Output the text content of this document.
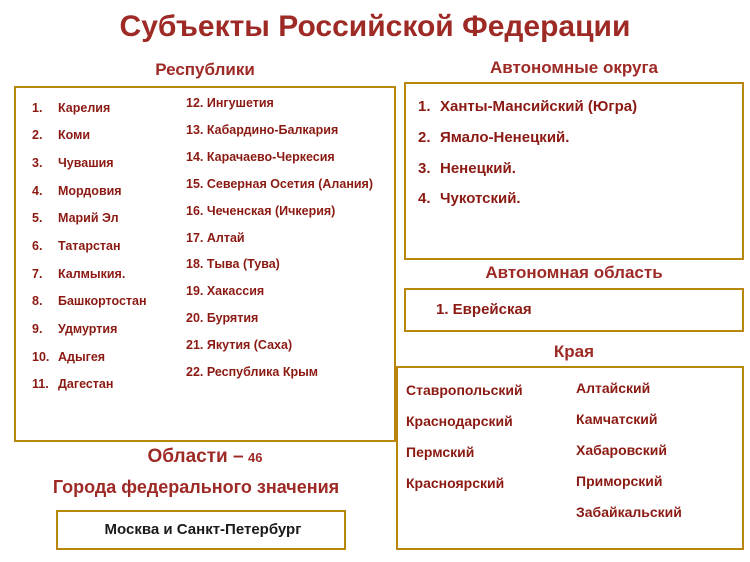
Субъекты Российской Федерации
Республики
1.	Карелия
2.	Коми
3.	Чувашия
4.	Мордовия
5.	Марий Эл
6.	Татарстан
7.	Калмыкия.
8.	Башкортостан
9.	Удмуртия
10. Адыгея
11. Дагестан
12. Ингушетия
13. Кабардино-Балкария
14. Карачаево-Черкесия
15. Северная Осетия (Алания)
16. Чеченская (Ичкерия)
17. Алтай
18. Тыва (Тува)
19. Хакассия
20. Бурятия
21. Якутия (Саха)
22. Республика Крым
Автономные округа
1. Ханты-Мансийский (Югра)
2. Ямало-Ненецкий.
3. Ненецкий.
4. Чукотский.
Автономная область
1. Еврейская
Края
Ставропольский
Краснодарский
Пермский
Красноярский
Алтайский
Камчатский
Хабаровский
Приморский
Забайкальский
Области – 46
Города федерального значения
Москва и Санкт-Петербург
